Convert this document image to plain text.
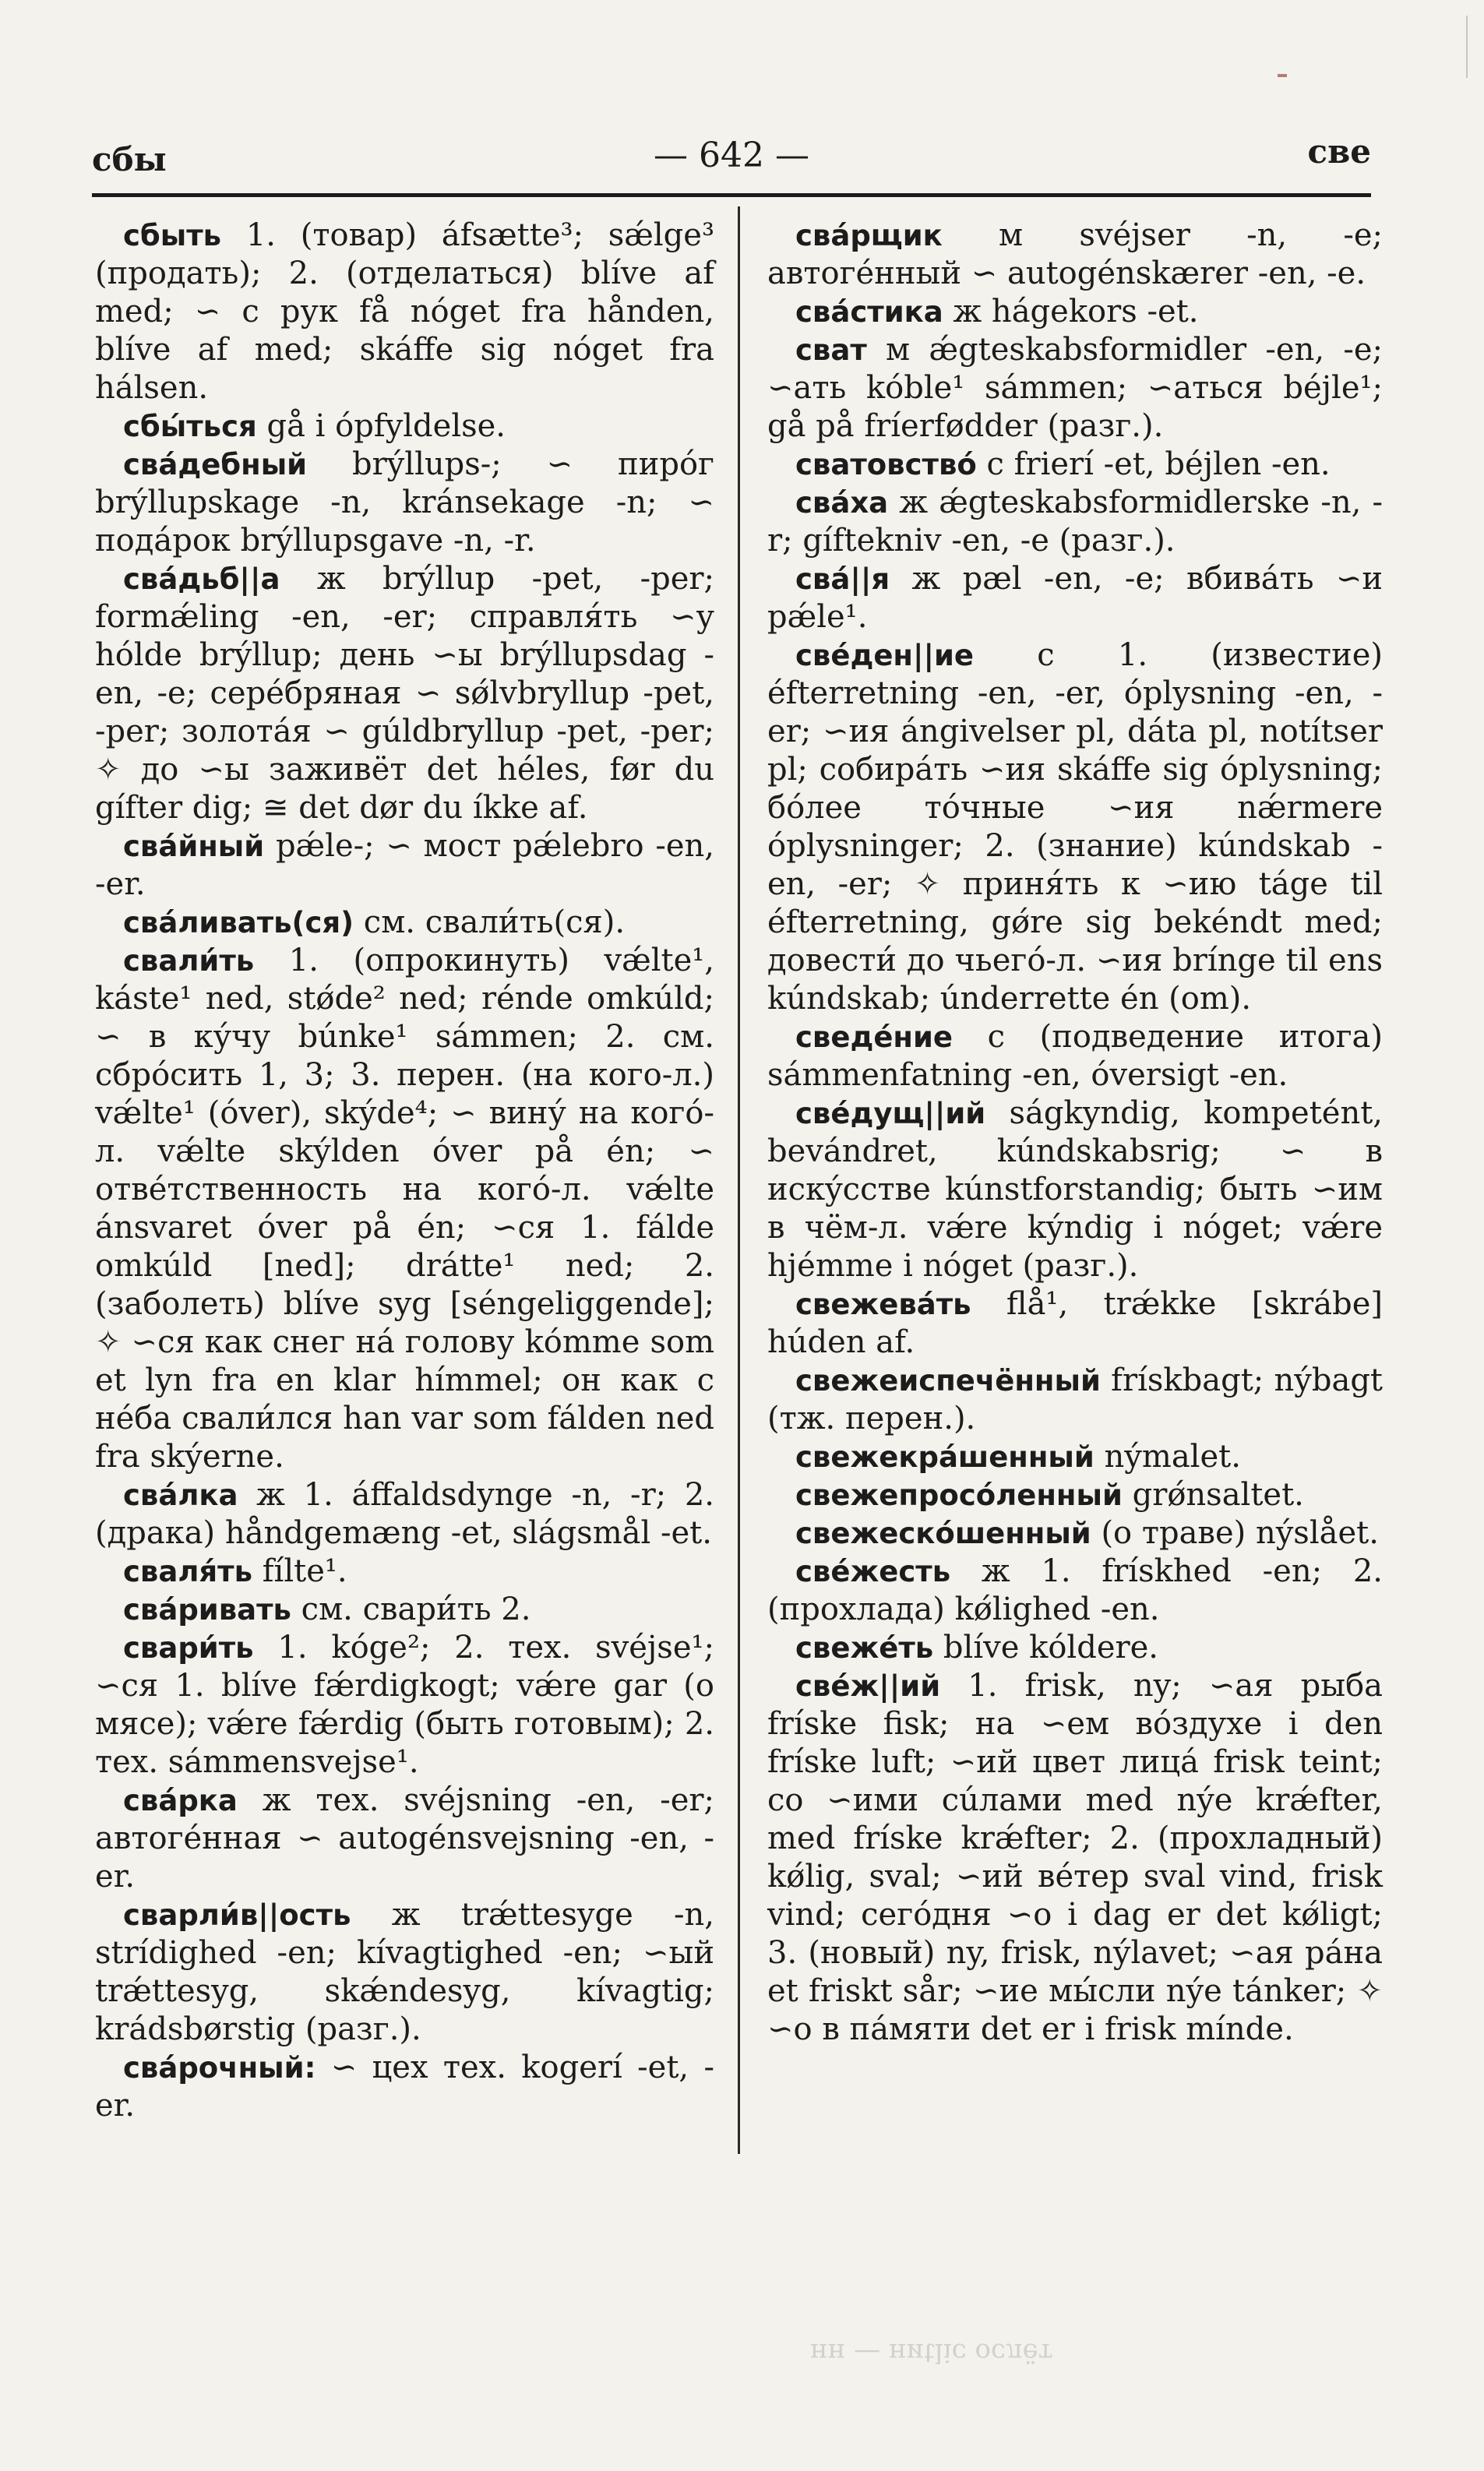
сбы	— 642 —	све
сбыть 1. (товар) áfsætte³; sǽlge³ (продать); 2. (отделаться) blíve af med; ∽ с рук få nóget fra hånden, blíve af med; skáffe sig nóget fra hálsen.
сбы́ться gå i ópfyldelse.
сва́дебный brýllups-; ∽ пиро́г brýllupskage -n, kránsekage -n; ∽ пода́рок brýllupsgave -n, -r.
сва́дьб||а ж brýllup -pet, -per; formǽling -en, -er; справля́ть ∽у hólde brýllup; день ∽ы brýllupsdag -en, -e; серéбряная ∽ sǿlvbryllup -pet, -per; золотáя ∽ gúldbryllup -pet, -per; ✧ до ∽ы заживёт det héles, før du gífter dig; ≅ det dør du íkke af.
сва́йный pǽle-; ∽ мост pǽlebro -en, -er.
сва́ливать(ся) см. свали́ть(ся).
свали́ть 1. (опрокинуть) vǽlte¹, káste¹ ned, stǿde² ned; rénde omkúld; ∽ в ку́чу búnke¹ sámmen; 2. см. сбро́сить 1, 3; 3. перен. (на кого-л.) vǽlte¹ (óver), skýde⁴; ∽ вину́ на когó-л. vǽlte skýlden óver på én; ∽ отвéтственность на когó-л. vǽlte ánsvaret óver på én; ∽ся 1. fálde omkúld [ned]; drátte¹ ned; 2. (заболеть) blíve syg [séngeliggende]; ✧ ∽ся как снег нá голову kómme som et lyn fra en klar hímmel; он как с нéба свали́лся han var som fálden ned fra skýerne.
сва́лка ж 1. áffaldsdynge -n, -r; 2. (драка) håndgemæng -et, slágsmål -et.
сваля́ть fílte¹.
сва́ривать см. свари́ть 2.
свари́ть 1. kóge²; 2. тех. svéjse¹; ∽ся 1. blíve fǽrdigkogt; vǽre gar (о мясе); vǽre fǽrdig (быть готовым); 2. тех. sámmensvejse¹.
сва́рка ж тех. svéjsning -en, -er; автогéнная ∽ autogénsvejsning -en, -er.
сварли́в||ость ж trǽttesyge -n, strídighed -en; kívagtighed -en; ∽ый trǽttesyg, skǽndesyg, kívagtig; krádsbørstig (разг.).
сва́рочный: ∽ цех тех. kogerí -et, -er.
сва́рщик м svéjser -n, -e; автогéнный ∽ autogénskærer -en, -e.
сва́стика ж hágekors -et.
сват м ǽgteskabsformidler -en, -e; ∽ать kóble¹ sámmen; ∽аться béjle¹; gå på fríerfødder (разг.).
сватовство́ с frierí -et, béjlen -en.
сва́ха ж ǽgteskabsformidlerske -n, -r; gíftekniv -en, -e (разг.).
сва́||я ж pæl -en, -e; вбивáть ∽и pǽle¹.
свéден||ие с 1. (известие) éfterretning -en, -er, óplysning -en, -er; ∽ия ángivelser pl, dáta pl, notítser pl; собирáть ∽ия skáffe sig óplysning; бóлее тóчные ∽ия nǽrmere óplysninger; 2. (знание) kúndskab -en, -er; ✧ приня́ть к ∽ию táge til éfterretning, gǿre sig bekéndt med; довести́ до чьегó-л. ∽ия brínge til ens kúndskab; únderrette én (om).
сведéние с (подведение итога) sámmenfatning -en, óversigt -en.
свéдущ||ий ságkyndig, kompetént, bevándret, kúndskabsrig; ∽ в искýсстве kúnstforstandig; быть ∽им в чём-л. vǽre kýndig i nóget; vǽre hjémme i nóget (разг.).
свежевáть flå¹, trǽkke [skrábe] húden af.
свежеиспечённый frískbagt; nýbagt (тж. перен.).
свежекрáшенный nýmalet.
свежепросóленный grǿnsaltet.
свежескóшенный (о траве) nýslået.
свéжесть ж 1. frískhed -en; 2. (прохлада) kǿlighed -en.
свежéть blíve kóldere.
свéж||ий 1. frisk, ny; ∽ая рыба fríske fisk; на ∽ем вóздухе i den fríske luft; ∽ий цвет лицá frisk teint; со ∽ими сúлами med nýe krǽfter, med fríske krǽfter; 2. (прохладный) kǿlig, sval; ∽ий вéтер sval vind, frisk vind; сегóдня ∽о i dag er det kǿligt; 3. (новый) ny, frisk, nýlavet; ∽ая рáна et friskt sår; ∽ие мы́сли nýe tánker; ✧ ∽о в пáмяти det er i frisk mínde.
нн — ниtliс ослёт
